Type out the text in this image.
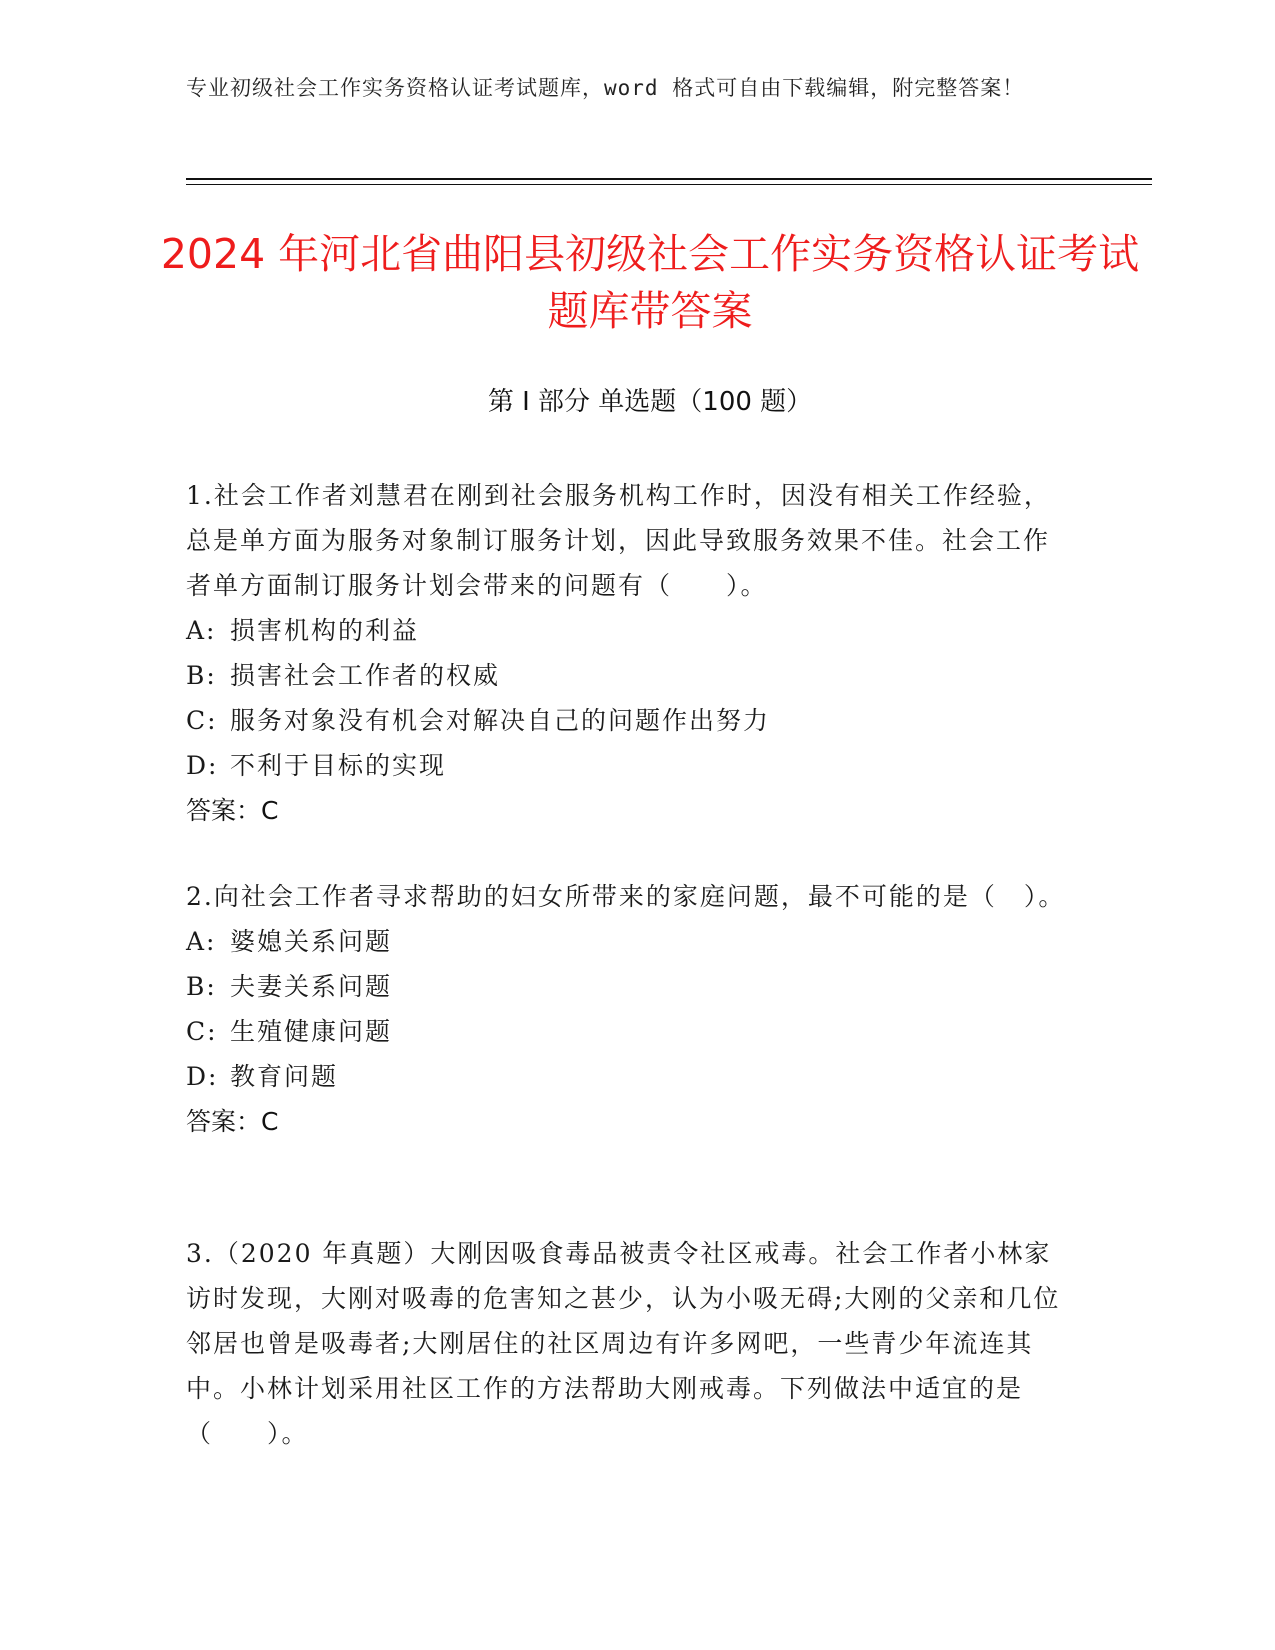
专业初级社会工作实务资格认证考试题库，word 格式可自由下载编辑，附完整答案！
2024 年河北省曲阳县初级社会工作实务资格认证考试题库带答案
第 I 部分 单选题（100 题）
1.社会工作者刘慧君在刚到社会服务机构工作时，因没有相关工作经验，总是单方面为服务对象制订服务计划，因此导致服务效果不佳。社会工作者单方面制订服务计划会带来的问题有（　　）。
A: 损害机构的利益
B: 损害社会工作者的权威
C: 服务对象没有机会对解决自己的问题作出努力
D: 不利于目标的实现
答案：C
2.向社会工作者寻求帮助的妇女所带来的家庭问题，最不可能的是（　）。
A: 婆媳关系问题
B: 夫妻关系问题
C: 生殖健康问题
D: 教育问题
答案：C
3.（2020 年真题）大刚因吸食毒品被责令社区戒毒。社会工作者小林家访时发现，大刚对吸毒的危害知之甚少，认为小吸无碍;大刚的父亲和几位邻居也曾是吸毒者;大刚居住的社区周边有许多网吧，一些青少年流连其中。小林计划采用社区工作的方法帮助大刚戒毒。下列做法中适宜的是（　　）。
